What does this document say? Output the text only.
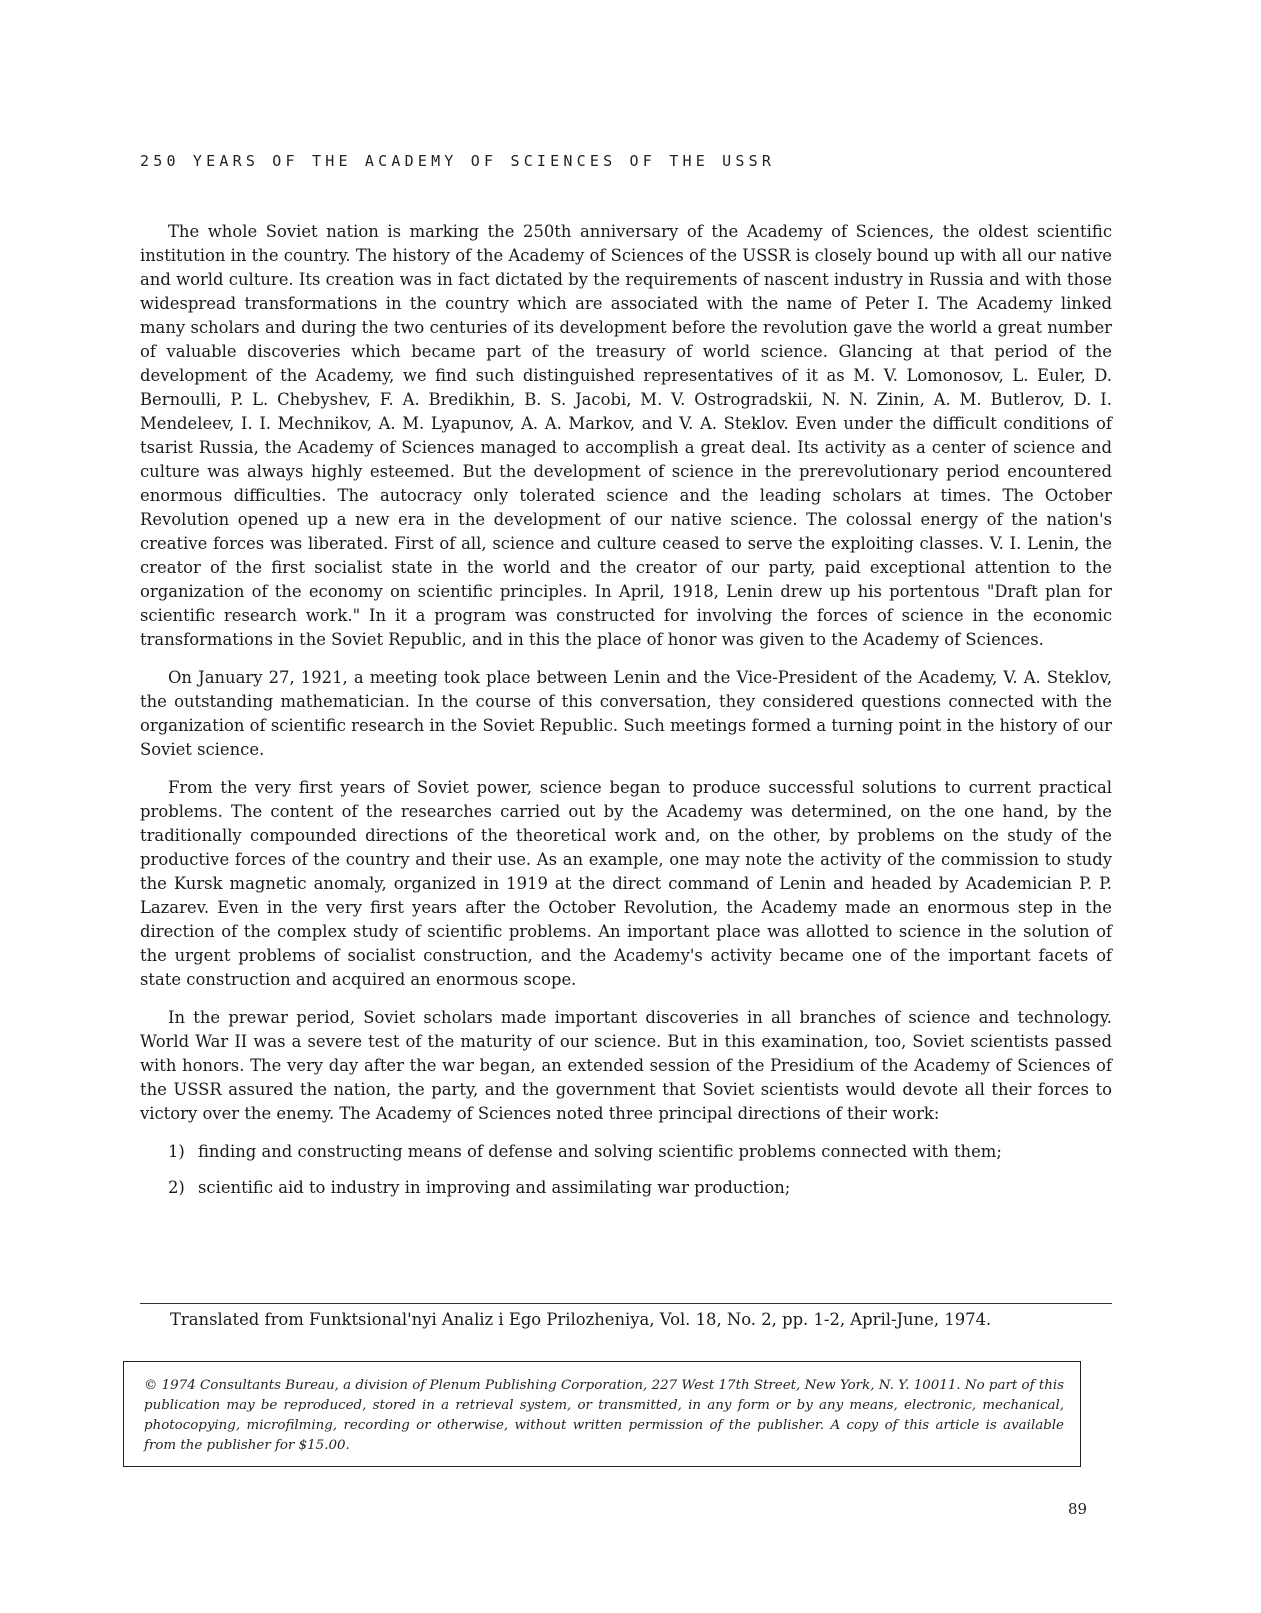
250 YEARS OF THE ACADEMY OF SCIENCES OF THE USSR

The whole Soviet nation is marking the 250th anniversary of the Academy of Sciences, the oldest scientific institution in the country. The history of the Academy of Sciences of the USSR is closely bound up with all our native and world culture. Its creation was in fact dictated by the requirements of nascent industry in Russia and with those widespread transformations in the country which are associated with the name of Peter I. The Academy linked many scholars and during the two centuries of its development before the revolution gave the world a great number of valuable discoveries which became part of the treasury of world science. Glancing at that period of the development of the Academy, we find such distinguished representatives of it as M. V. Lomonosov, L. Euler, D. Bernoulli, P. L. Chebyshev, F. A. Bredikhin, B. S. Jacobi, M. V. Ostrogradskii, N. N. Zinin, A. M. Butlerov, D. I. Mendeleev, I. I. Mechnikov, A. M. Lyapunov, A. A. Markov, and V. A. Steklov. Even under the difficult conditions of tsarist Russia, the Academy of Sciences managed to accomplish a great deal. Its activity as a center of science and culture was always highly esteemed. But the development of science in the prerevolutionary period encountered enormous difficulties. The autocracy only tolerated science and the leading scholars at times. The October Revolution opened up a new era in the development of our native science. The colossal energy of the nation's creative forces was liberated. First of all, science and culture ceased to serve the exploiting classes. V. I. Lenin, the creator of the first socialist state in the world and the creator of our party, paid exceptional attention to the organization of the economy on scientific principles. In April, 1918, Lenin drew up his portentous "Draft plan for scientific research work." In it a program was constructed for involving the forces of science in the economic transformations in the Soviet Republic, and in this the place of honor was given to the Academy of Sciences.

On January 27, 1921, a meeting took place between Lenin and the Vice-President of the Academy, V. A. Steklov, the outstanding mathematician. In the course of this conversation, they considered questions connected with the organization of scientific research in the Soviet Republic. Such meetings formed a turning point in the history of our Soviet science.

From the very first years of Soviet power, science began to produce successful solutions to current practical problems. The content of the researches carried out by the Academy was determined, on the one hand, by the traditionally compounded directions of the theoretical work and, on the other, by problems on the study of the productive forces of the country and their use. As an example, one may note the activity of the commission to study the Kursk magnetic anomaly, organized in 1919 at the direct command of Lenin and headed by Academician P. P. Lazarev. Even in the very first years after the October Revolution, the Academy made an enormous step in the direction of the complex study of scientific problems. An important place was allotted to science in the solution of the urgent problems of socialist construction, and the Academy's activity became one of the important facets of state construction and acquired an enormous scope.

In the prewar period, Soviet scholars made important discoveries in all branches of science and technology. World War II was a severe test of the maturity of our science. But in this examination, too, Soviet scientists passed with honors. The very day after the war began, an extended session of the Presidium of the Academy of Sciences of the USSR assured the nation, the party, and the government that Soviet scientists would devote all their forces to victory over the enemy. The Academy of Sciences noted three principal directions of their work:

1) finding and constructing means of defense and solving scientific problems connected with them;
2) scientific aid to industry in improving and assimilating war production;
Translated from Funktsional'nyi Analiz i Ego Prilozheniya, Vol. 18, No. 2, pp. 1-2, April-June, 1974.
© 1974 Consultants Bureau, a division of Plenum Publishing Corporation, 227 West 17th Street, New York, N. Y. 10011. No part of this publication may be reproduced, stored in a retrieval system, or transmitted, in any form or by any means, electronic, mechanical, photocopying, microfilming, recording or otherwise, without written permission of the publisher. A copy of this article is available from the publisher for $15.00.
89
